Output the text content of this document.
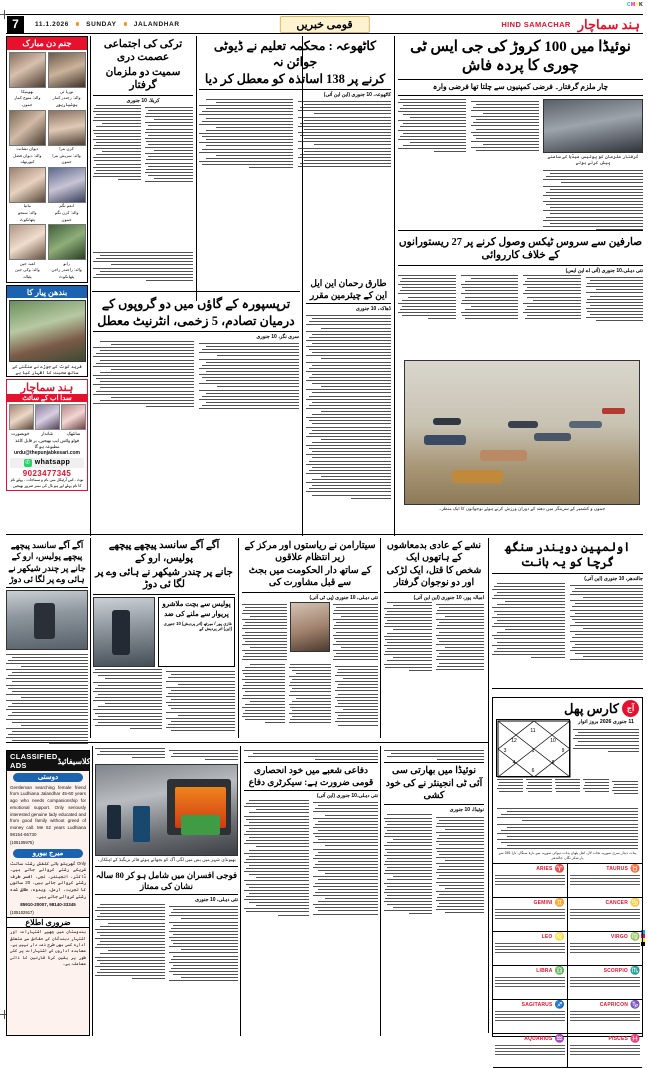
CMYK
7	11.1.2026	SUNDAY	JALANDHAR	قومی خبریں	HIND SAMACHAR ہند سماچار
جنم دن مبارک
بھومیکا
والد: منوج کمار
جموں
نوریا ئی
والد: رجندر کمار
ہوشیارپور
دیوان نشانت
والد: دیوان فضل
کپورتھلہ
کرن بترا
والد: سریش بترا
جموں
مانیا
والد: سنجو
پٹھانکوٹ
انعم نگم
والد: کرن نگم
جموں
لعبہ جین
والد: وکی جین
پٹیالہ
رانو
والد: راجندر راجن
پٹھانکوٹ
بندھن پیار کا
فرید کوٹ کے جوڑے نے منگنی کے ساتھ محبت کا اظہار کیا ہے
ہند سماچار
سدا اب کے سائٹ
خوبصورت	شاندار	سانتھک
فوٹو واٹس ایپ بھیجیں، بر قابل کاغذ مطبوعہ ہو گا
urdu@thepunjabkesari.com
✆ whatsapp
9023477345
نوٹ - اس آرٹیکل میں نام و سماجات - پہلے نام کا نام پہلے اور ہو بال کی نمبر ضرور بھیجیں
ترکی کی اجتماعی عصمت دری
سمیت دو ملزمان گرفتار
کربلا، 10 جنوری
کاٹھوعہ : محکمہ تعلیم نے ڈیوٹی جوائن نہ
کرنے پر 138 اساتذہ کو معطل کر دیا
کاٹھوعہ، 10 جنوری (این این آئی)
نوئیڈا میں 100 کروڑ کی جی ایس ٹی چوری کا پردہ فاش
چار ملزم گرفتار۔ فرضی کمپنیوں سے چلتا تھا فرضی وارہ
گرفتار ملزمان کو پولیس میڈیا کے سامنے پیش کرتے ہوئے
صارفین سے سروس ٹیکس وصول کرنے پر 27 ریستورانوں کے خلاف کارروائی
نئی دہلی،10 جنوری (آئی اے این ایس)
جموں و کشمیر کے سرینگر میں دھند کے دوران ورزش کرتے ہوئے نوجوانوں کا ایک منظر۔
ترپسپورہ کے گاؤں میں دو گروپوں کے
درمیان تصادم، 5 زخمی، انٹرنیٹ معطل
سری نگر، 10 جنوری
طارق رحمان این ایل این کے چیئرمین مقرر
ڈھاکہ، 10 جنوری
آگے آگے سانسد پیچھے پیچھے پولیس، ارو کے
جانے پر چندر شیکھر نے ہائی وے پر لگا ئی دوڑ
آگے آگے سانسد پیچھے پیچھے پولیس، ارو کے
جانے پر چندر شیکھر نے ہائی وے پر لگا ئی دوڑ
پولیس سے بچت ملاشرو
پریوار سے ملنے کی ضد
غازی پور / میرٹھ (اتر پردیش) 10 جنوری (این) اتر پردیش کے
سیتارامن نے ریاستوں اور مرکز کے زیر انتظام علاقوں
کے ساتھ دار الحکومت میں بجٹ سے قبل مشاورت کی
نئی دہلی، 10 جنوری (پی ٹی آئی)
نشے کے عادی بدمعاشوں کے ہاتھوں ایک
شخص کا قتل، ایک لڑکی اور دو نوجوان گرفتار
امبالہ پور، 10 جنوری (این این آئی)
اولمپین دویندر سنگھ گرچا کو یہ ہانت
جالندھر، 10 جنوری (این آئی)
کارس پھل آج
11
12	10
1
3	9
4	8
6
11 جنوری 2026 بروز اتوار
پنڈت دیدار سری سوریہ نجات لال، لعل پٹھان پنڈت دیوکی سوریہ سے بارہ سنگار، تارا 281 سے پار شکر نگار، جالندھر
ARIES ♈	TAURUS ♉
GEMINI ♊	CANCER ♋
LEO ♌	VIRGO ♍
LIBRA ♎	SCORPIO ♏
SAGITARUS ♐	CAPRICON ♑
AQUARIUS ♒	PISCES ♓
CLASSIFIED ADS	کلاسیفائیڈ
دوستی
Gentleman searching female friend from Ludhiana Jalandhar 45-60 years ago who needs companionship for emotional support. Only seriously interested genuine lady educated and from good family without greed of money call. Me 52 years Ludhiana 98154-66730
(105105975)
میرج بیورو
Only گھریلو ہائی کلفش رشتہ سائٹ شریکے رشتے کرواتے جاتے ہیں۔ ڈاکٹر، انجینئر، نجی، افسر طرف رشتے کرواتے جاتے ہیں۔ 20 سالوں کا تجربہ۔ ارمل، ویدوہ، طلاق شدہ رشتے کروائے جاتے ہیں۔
85910-20007, 98140-33345
(105102917)
ضروری اطلاع
ہندوستان میں چھپے اشتہارات اور اشتہار دہندگان کے حقائق سے متعلق ادارہ کسی بھی طرح ذمہ دار نہیں ہے۔ معاہدہ اداروں کے اشتہارات پر کلی طور پر یقین کرنا قارئین کا ذاتی معاملہ ہے۔
بھیونڈی شہر میں بس میں لگی آگ کو بجھاتے ہوئے فائر بریگیڈ کے اہلکار۔
فوجی افسران میں شامل ہو کر 80 سالہ نشان کی ممتاز
نئی دہلی، 10 جنوری
دفاعی شعبے میں خود انحصاری قومی ضرورت ہے: سیکرٹری دفاع
نئی دہلی،10 جنوری (این آئی)
نوئیڈا میں بھارتی سی
آئی ٹی انجینئر نے کی خود کشی
نوئیڈا، 10 جنوری
